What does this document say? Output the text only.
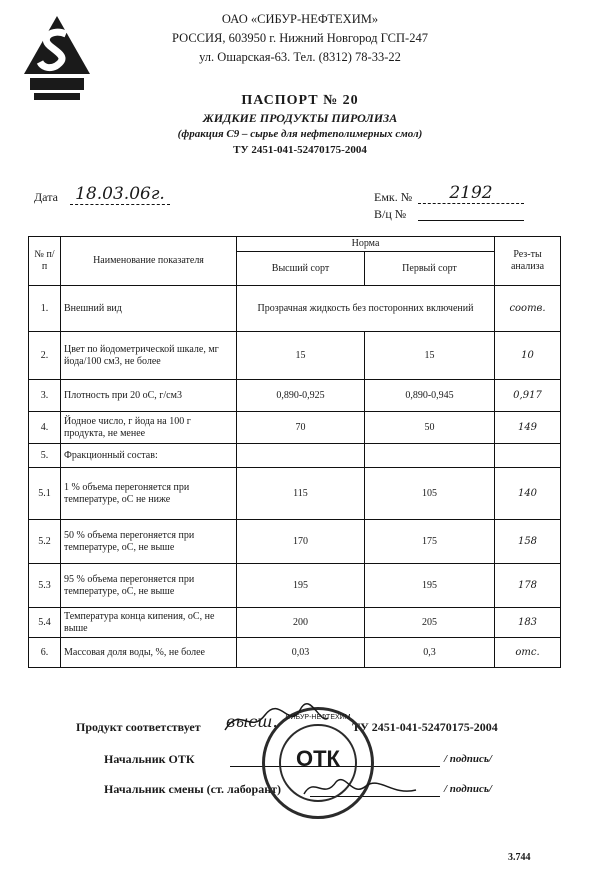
ОАО «СИБУР-НЕФТЕХИМ»
РОССИЯ, 603950 г. Нижний Новгород ГСП-247
ул. Ошарская-63. Тел. (8312) 78-33-22
ПАСПОРТ № 20
ЖИДКИЕ ПРОДУКТЫ ПИРОЛИЗА
(фракция С9 – сырье для нефтеполимерных смол)
ТУ 2451-041-52470175-2004
Дата	18.03.06г.	Емк. №	2192
В/ц №
№ п/п	Наименование показателя	Норма		Рез-ты анализа
		Высший сорт	Первый сорт	
1.	Внешний вид	Прозрачная жидкость без посторонних включений		соотв.
2.	Цвет по йодометрической шкале, мг йода/100 см3, не более	15	15	10
3.	Плотность при 20 оС, г/см3	0,890-0,925	0,890-0,945	0,917
4.	Йодное число, г йода на 100 г продукта, не менее	70	50	149
5.	Фракционный состав:			
5.1	1 % объема перегоняется при температуре, оС не ниже	115	105	140
5.2	50 % объема перегоняется при температуре, оС, не выше	170	175	158
5.3	95 % объема перегоняется при температуре, оС, не выше	195	195	178
5.4	Температура конца кипения, оС, не выше	200	205	183
6.	Массовая доля воды, %, не более	0,03	0,3	отс.
Продукт соответствует высш.	ТУ 2451-041-52470175-2004
Начальник ОТК	/ подпись/
Начальник смены (ст. лаборант)	/ подпись/
СИБУР-НЕФТЕХИМ
ОТК
3.744
